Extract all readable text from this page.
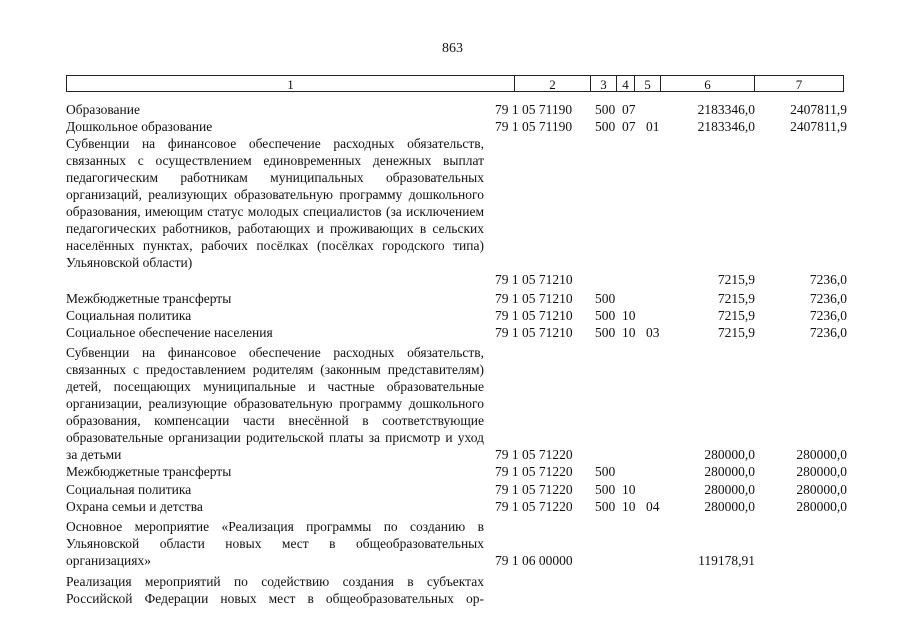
863
1	2	3	4	5	6	7
Образование	79 1 05 71190 500 07	2183346,0	2407811,9
Дошкольное образование	79 1 05 71190 500 07 01	2183346,0	2407811,9
Субвенции на финансовое обеспечение расходных обязательств, связанных с осуществлением единовременных денежных выплат педагогическим работникам муниципальных образовательных организаций, реализующих образовательную программу дошкольного образования, имеющим статус молодых специалистов (за исключением педагогических работников, работающих и проживающих в сельских населённых пунктах, рабочих посёлках (посёлках городского типа) Ульяновской области)
79 1 05 71210	7215,9	7236,0
Межбюджетные трансферты	79 1 05 71210 500	7215,9	7236,0
Социальная политика	79 1 05 71210 500 10	7215,9	7236,0
Социальное обеспечение населения	79 1 05 71210 500 10 03	7215,9	7236,0
Субвенции на финансовое обеспечение расходных обязательств, связанных с предоставлением родителям (законным представителям) детей, посещающих муниципальные и частные образовательные организации, реализующие образовательную программу дошкольного образования, компенсации части внесённой в соответствующие образовательные организации родительской платы за присмотр и уход за детьми	79 1 05 71220	280000,0	280000,0
Межбюджетные трансферты	79 1 05 71220 500	280000,0	280000,0
Социальная политика	79 1 05 71220 500 10	280000,0	280000,0
Охрана семьи и детства	79 1 05 71220 500 10 04	280000,0	280000,0
Основное мероприятие «Реализация программы по созданию в Ульяновской области новых мест в общеобразовательных организациях»	79 1 06 00000	119178,91
Реализация мероприятий по содействию создания в субъектах Российской Федерации новых мест в общеобразовательных ор-
